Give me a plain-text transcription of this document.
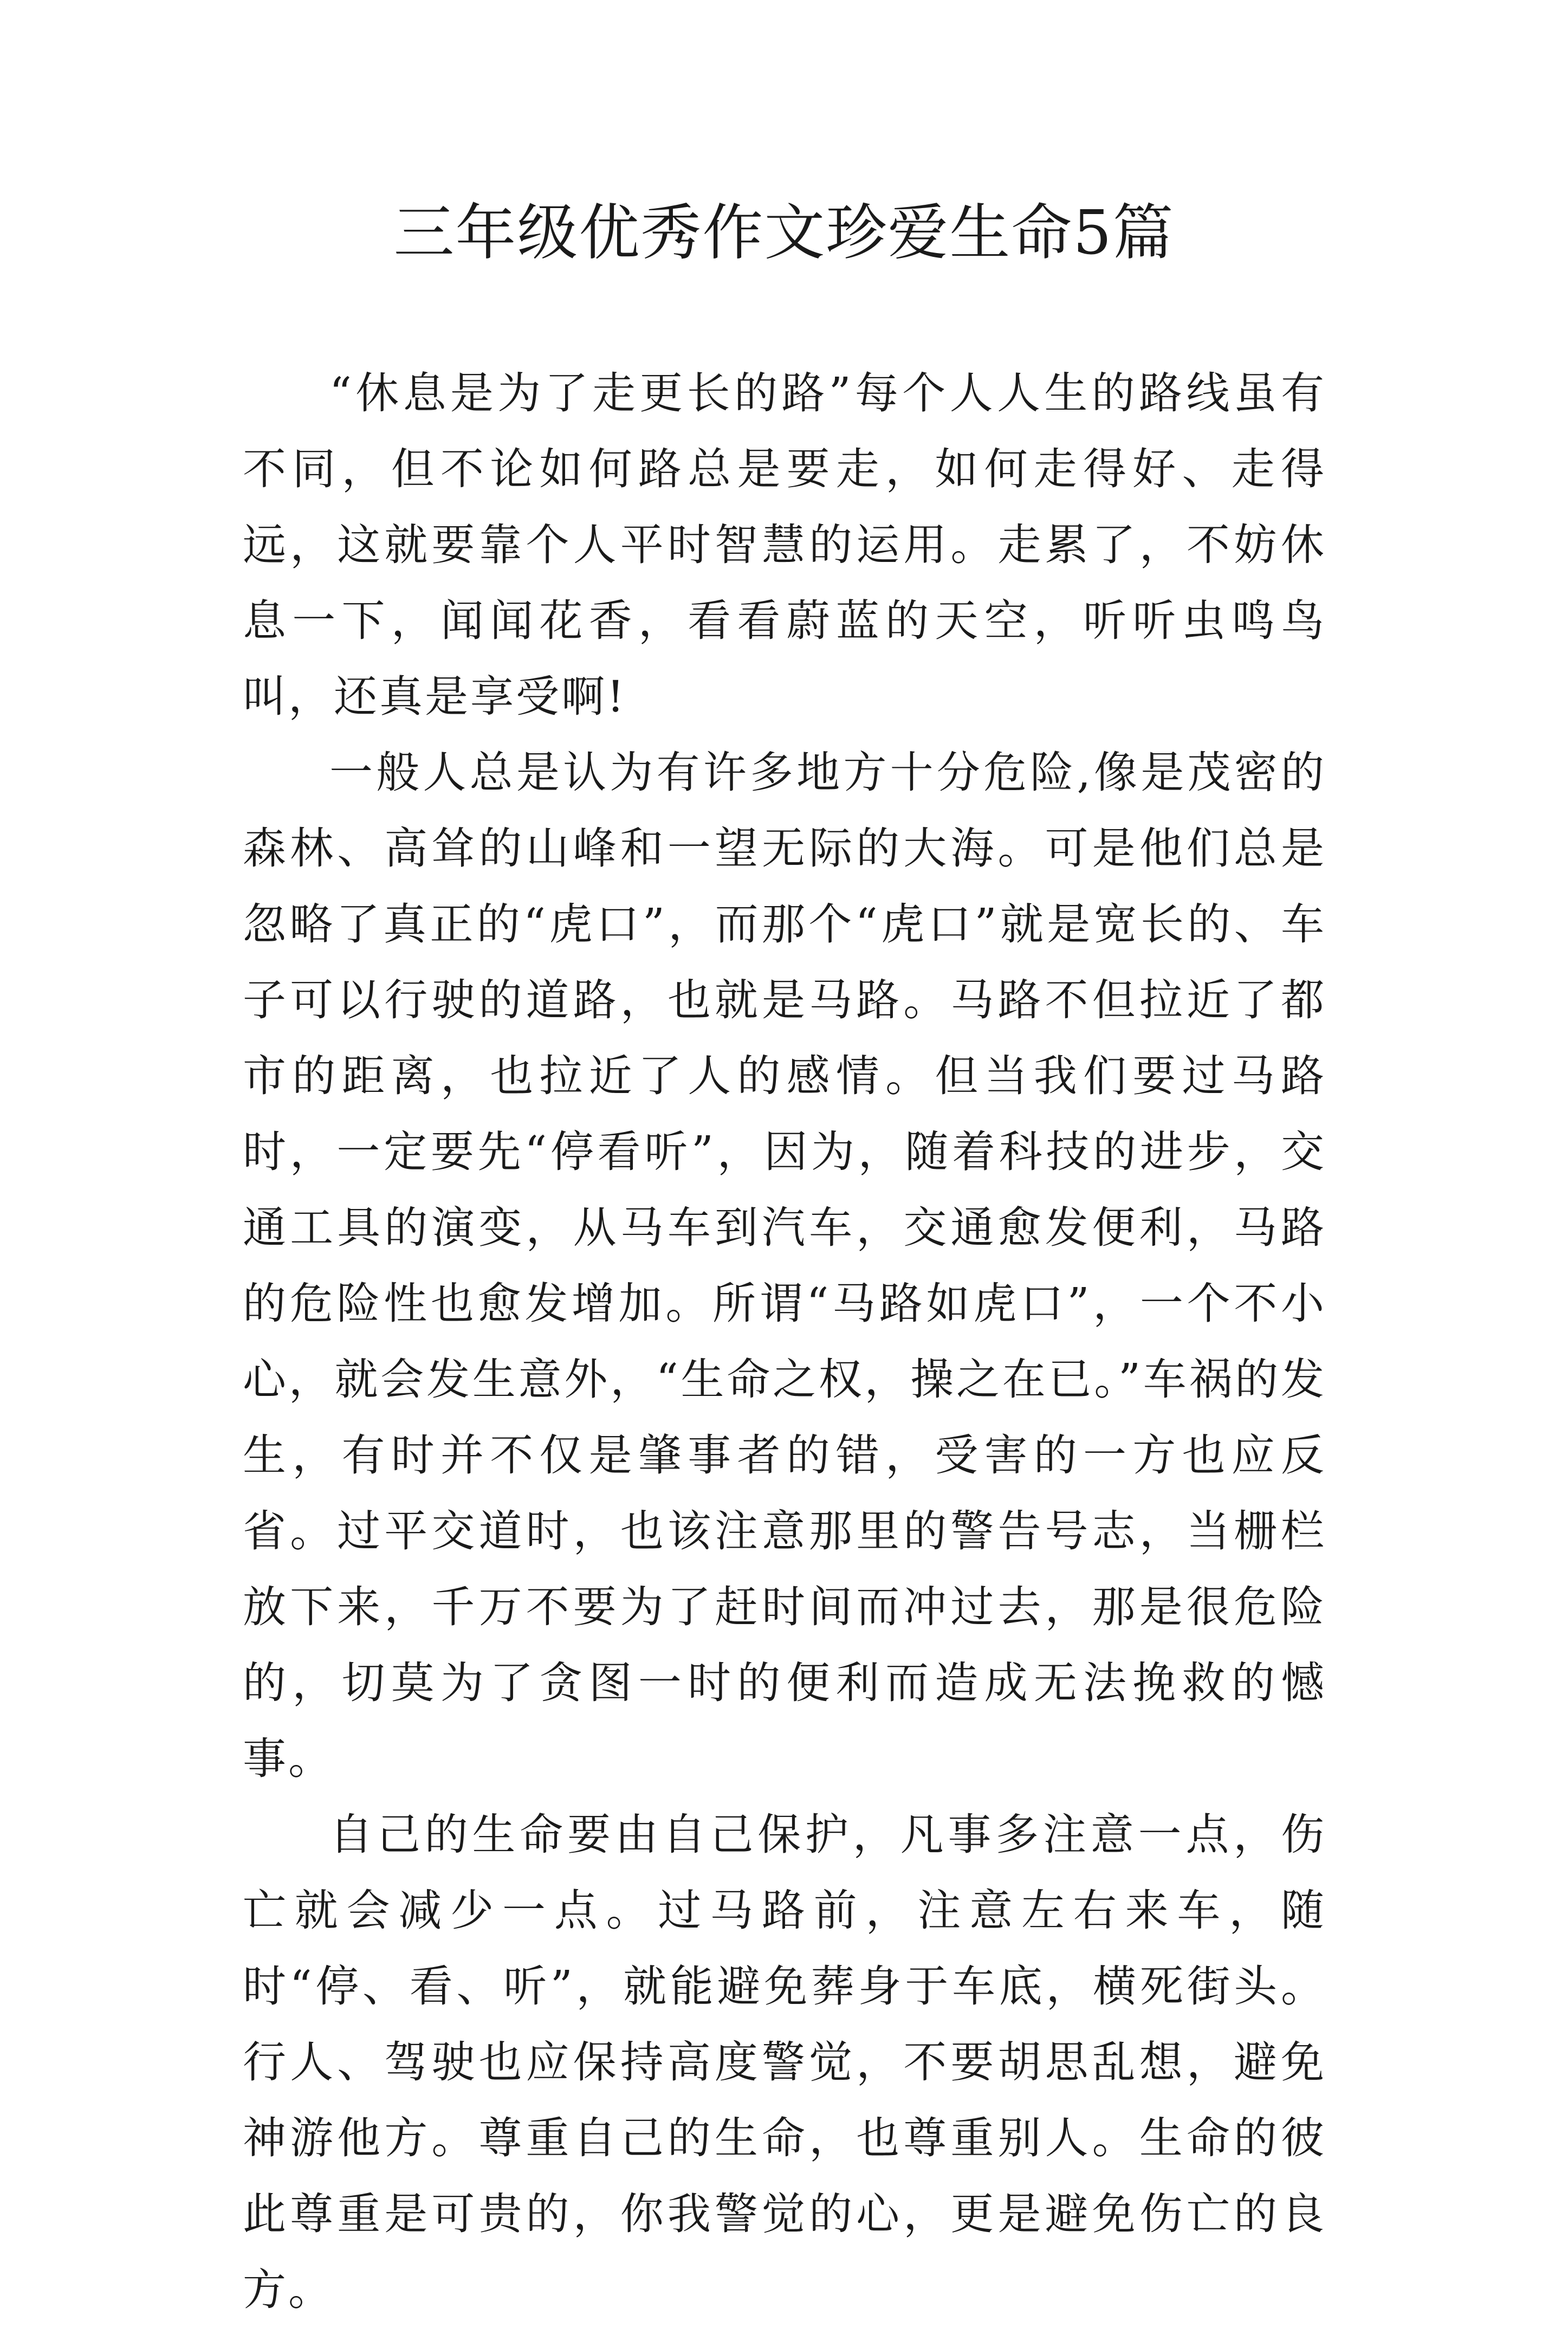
三年级优秀作文珍爱生命5篇

“休息是为了走更长的路”每个人人生的路线虽有不同，但不论如何路总是要走，如何走得好、走得远，这就要靠个人平时智慧的运用。走累了，不妨休息一下，闻闻花香，看看蔚蓝的天空，听听虫鸣鸟叫，还真是享受啊!

一般人总是认为有许多地方十分危险,像是茂密的森林、高耸的山峰和一望无际的大海。可是他们总是忽略了真正的“虎口”，而那个“虎口”就是宽长的、车子可以行驶的道路，也就是马路。马路不但拉近了都市的距离，也拉近了人的感情。但当我们要过马路时，一定要先“停看听”，因为，随着科技的进步，交通工具的演变，从马车到汽车，交通愈发便利，马路的危险性也愈发增加。所谓“马路如虎口”，一个不小心，就会发生意外，“生命之权，操之在已。”车祸的发生，有时并不仅是肇事者的错，受害的一方也应反省。过平交道时，也该注意那里的警告号志，当栅栏放下来，千万不要为了赶时间而冲过去，那是很危险的，切莫为了贪图一时的便利而造成无法挽救的憾事。

自己的生命要由自己保护，凡事多注意一点，伤亡就会减少一点。过马路前，注意左右来车，随时“停、看、听”，就能避免葬身于车底，横死街头。行人、驾驶也应保持高度警觉，不要胡思乱想，避免神游他方。尊重自己的生命，也尊重别人。生命的彼此尊重是可贵的，你我警觉的心，更是避免伤亡的良方。
